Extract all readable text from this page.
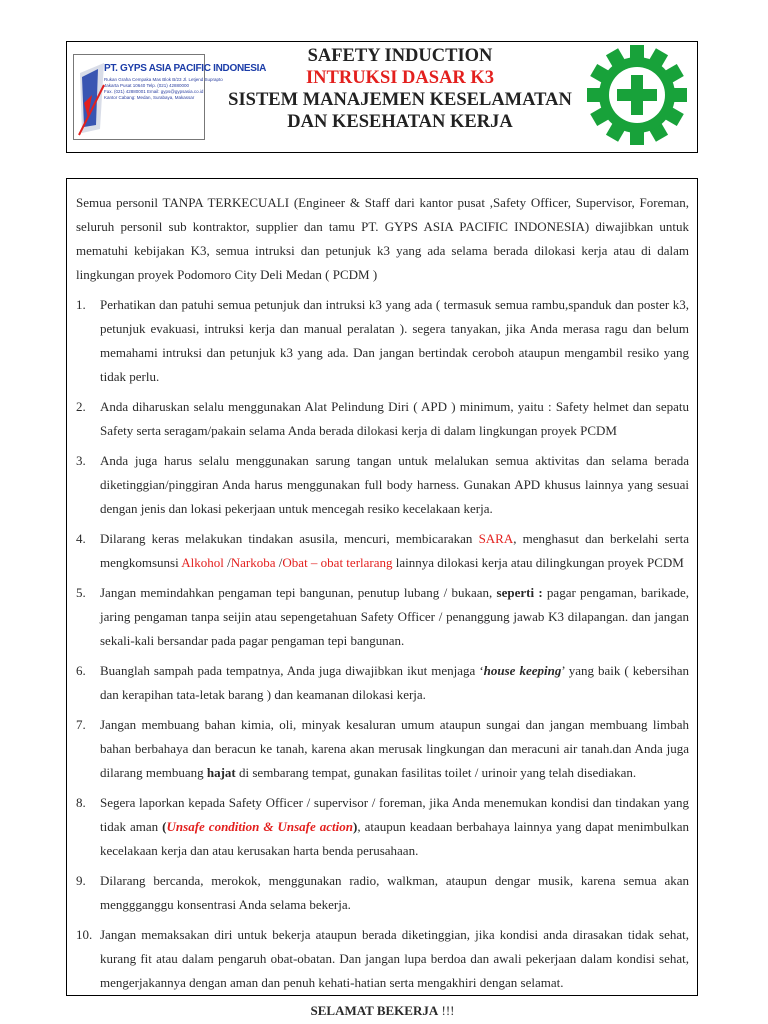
PT. GYPS ASIA PACIFIC INDONESIA
Rukan Graha Cempaka Mas Blok B/23 Jl. Letjend Suprapto
Jakarta Pusat 10640 Telp. (021) 42880000
Fax. (021) 42880001 Email: gyps@gypsasia.co.id
Kantor Cabang: Medan, Surabaya, Makassar
SAFETY INDUCTION
INTRUKSI DASAR K3
SISTEM MANAJEMEN KESELAMATAN
DAN KESEHATAN KERJA

Semua personil TANPA TERKECUALI (Engineer & Staff dari kantor pusat ,Safety Officer, Supervisor, Foreman, seluruh personil sub kontraktor, supplier dan tamu PT. GYPS ASIA PACIFIC INDONESIA) diwajibkan untuk mematuhi kebijakan K3, semua intruksi dan petunjuk k3 yang ada selama berada dilokasi kerja atau di dalam lingkungan proyek Podomoro City Deli Medan ( PCDM )

1. Perhatikan dan patuhi semua petunjuk dan intruksi k3 yang ada ( termasuk semua rambu,spanduk dan poster k3, petunjuk evakuasi, intruksi kerja dan manual peralatan ). segera tanyakan, jika Anda merasa ragu dan belum memahami intruksi dan petunjuk k3 yang ada. Dan jangan bertindak ceroboh ataupun mengambil resiko yang tidak perlu.
2. Anda diharuskan selalu menggunakan Alat Pelindung Diri ( APD ) minimum, yaitu : Safety helmet dan sepatu Safety serta seragam/pakain selama Anda berada dilokasi kerja di dalam lingkungan proyek PCDM
3. Anda juga harus selalu menggunakan sarung tangan untuk melalukan semua aktivitas dan selama berada diketinggian/pinggiran Anda harus menggunakan full body harness. Gunakan APD khusus lainnya yang sesuai dengan jenis dan lokasi pekerjaan untuk mencegah resiko kecelakaan kerja.
4. Dilarang keras melakukan tindakan asusila, mencuri, membicarakan SARA, menghasut dan berkelahi serta mengkomsunsi Alkohol /Narkoba /Obat – obat terlarang lainnya dilokasi kerja atau dilingkungan proyek PCDM
5. Jangan memindahkan pengaman tepi bangunan, penutup lubang / bukaan, seperti : pagar pengaman, barikade, jaring pengaman tanpa seijin atau sepengetahuan Safety Officer / penanggung jawab K3 dilapangan. dan jangan sekali-kali bersandar pada pagar pengaman tepi bangunan.
6. Buanglah sampah pada tempatnya, Anda juga diwajibkan ikut menjaga ‘house keeping’ yang baik ( kebersihan dan kerapihan tata-letak barang ) dan keamanan dilokasi kerja.
7. Jangan membuang bahan kimia, oli, minyak kesaluran umum ataupun sungai dan jangan membuang limbah bahan berbahaya dan beracun ke tanah, karena akan merusak lingkungan dan meracuni air tanah.dan Anda juga dilarang membuang hajat di sembarang tempat, gunakan fasilitas toilet / urinoir yang telah disediakan.
8. Segera laporkan kepada Safety Officer / supervisor / foreman, jika Anda menemukan kondisi dan tindakan yang tidak aman (Unsafe condition & Unsafe action), ataupun keadaan berbahaya lainnya yang dapat menimbulkan kecelakaan kerja dan atau kerusakan harta benda perusahaan.
9. Dilarang bercanda, merokok, menggunakan radio, walkman, ataupun dengar musik, karena semua akan menggganggu konsentrasi Anda selama bekerja.
10. Jangan memaksakan diri untuk bekerja ataupun berada diketinggian, jika kondisi anda dirasakan tidak sehat, kurang fit atau dalam pengaruh obat-obatan. Dan jangan lupa berdoa dan awali pekerjaan dalam kondisi sehat, mengerjakannya dengan aman dan penuh kehati-hatian serta mengakhiri dengan selamat.
SELAMAT BEKERJA !!!
